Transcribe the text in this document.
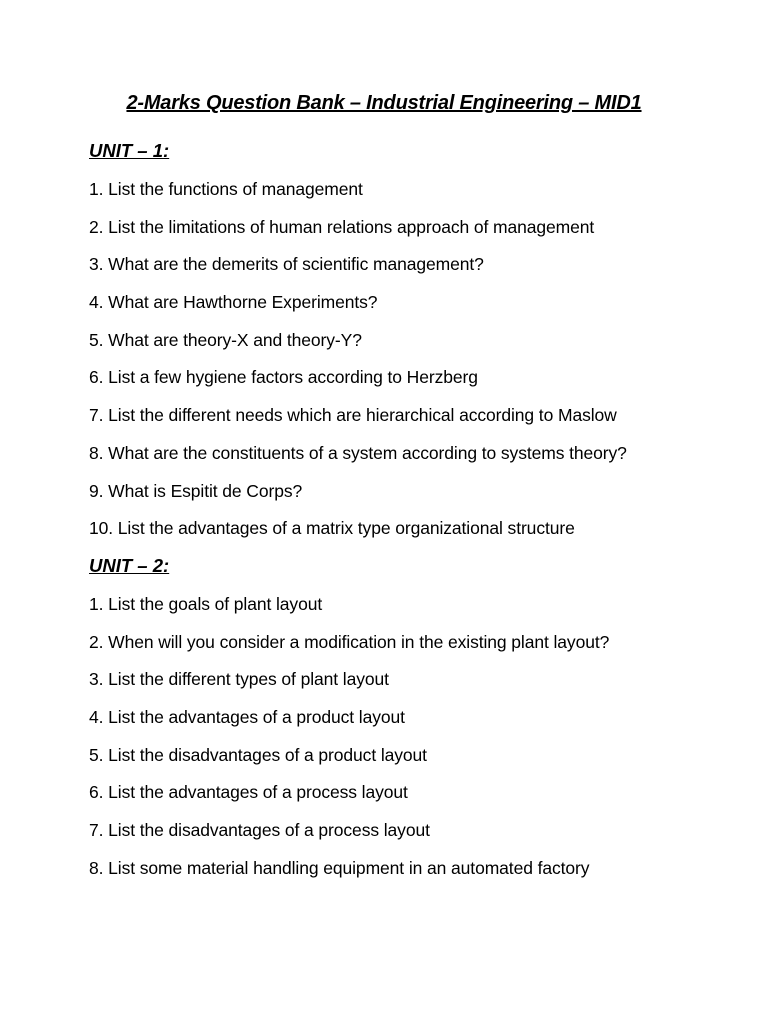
2-Marks Question Bank – Industrial Engineering – MID1
UNIT – 1:
1. List the functions of management
2. List the limitations of human relations approach of management
3. What are the demerits of scientific management?
4. What are Hawthorne Experiments?
5. What are theory-X and theory-Y?
6. List a few hygiene factors according to Herzberg
7. List the different needs which are hierarchical according to Maslow
8. What are the constituents of a system according to systems theory?
9. What is Espitit de Corps?
10. List the advantages of a matrix type organizational structure
UNIT – 2:
1. List the goals of plant layout
2. When will you consider a modification in the existing plant layout?
3. List the different types of plant layout
4. List the advantages of a product layout
5. List the disadvantages of a product layout
6. List the advantages of a process layout
7. List the disadvantages of a process layout
8. List some material handling equipment in an automated factory
